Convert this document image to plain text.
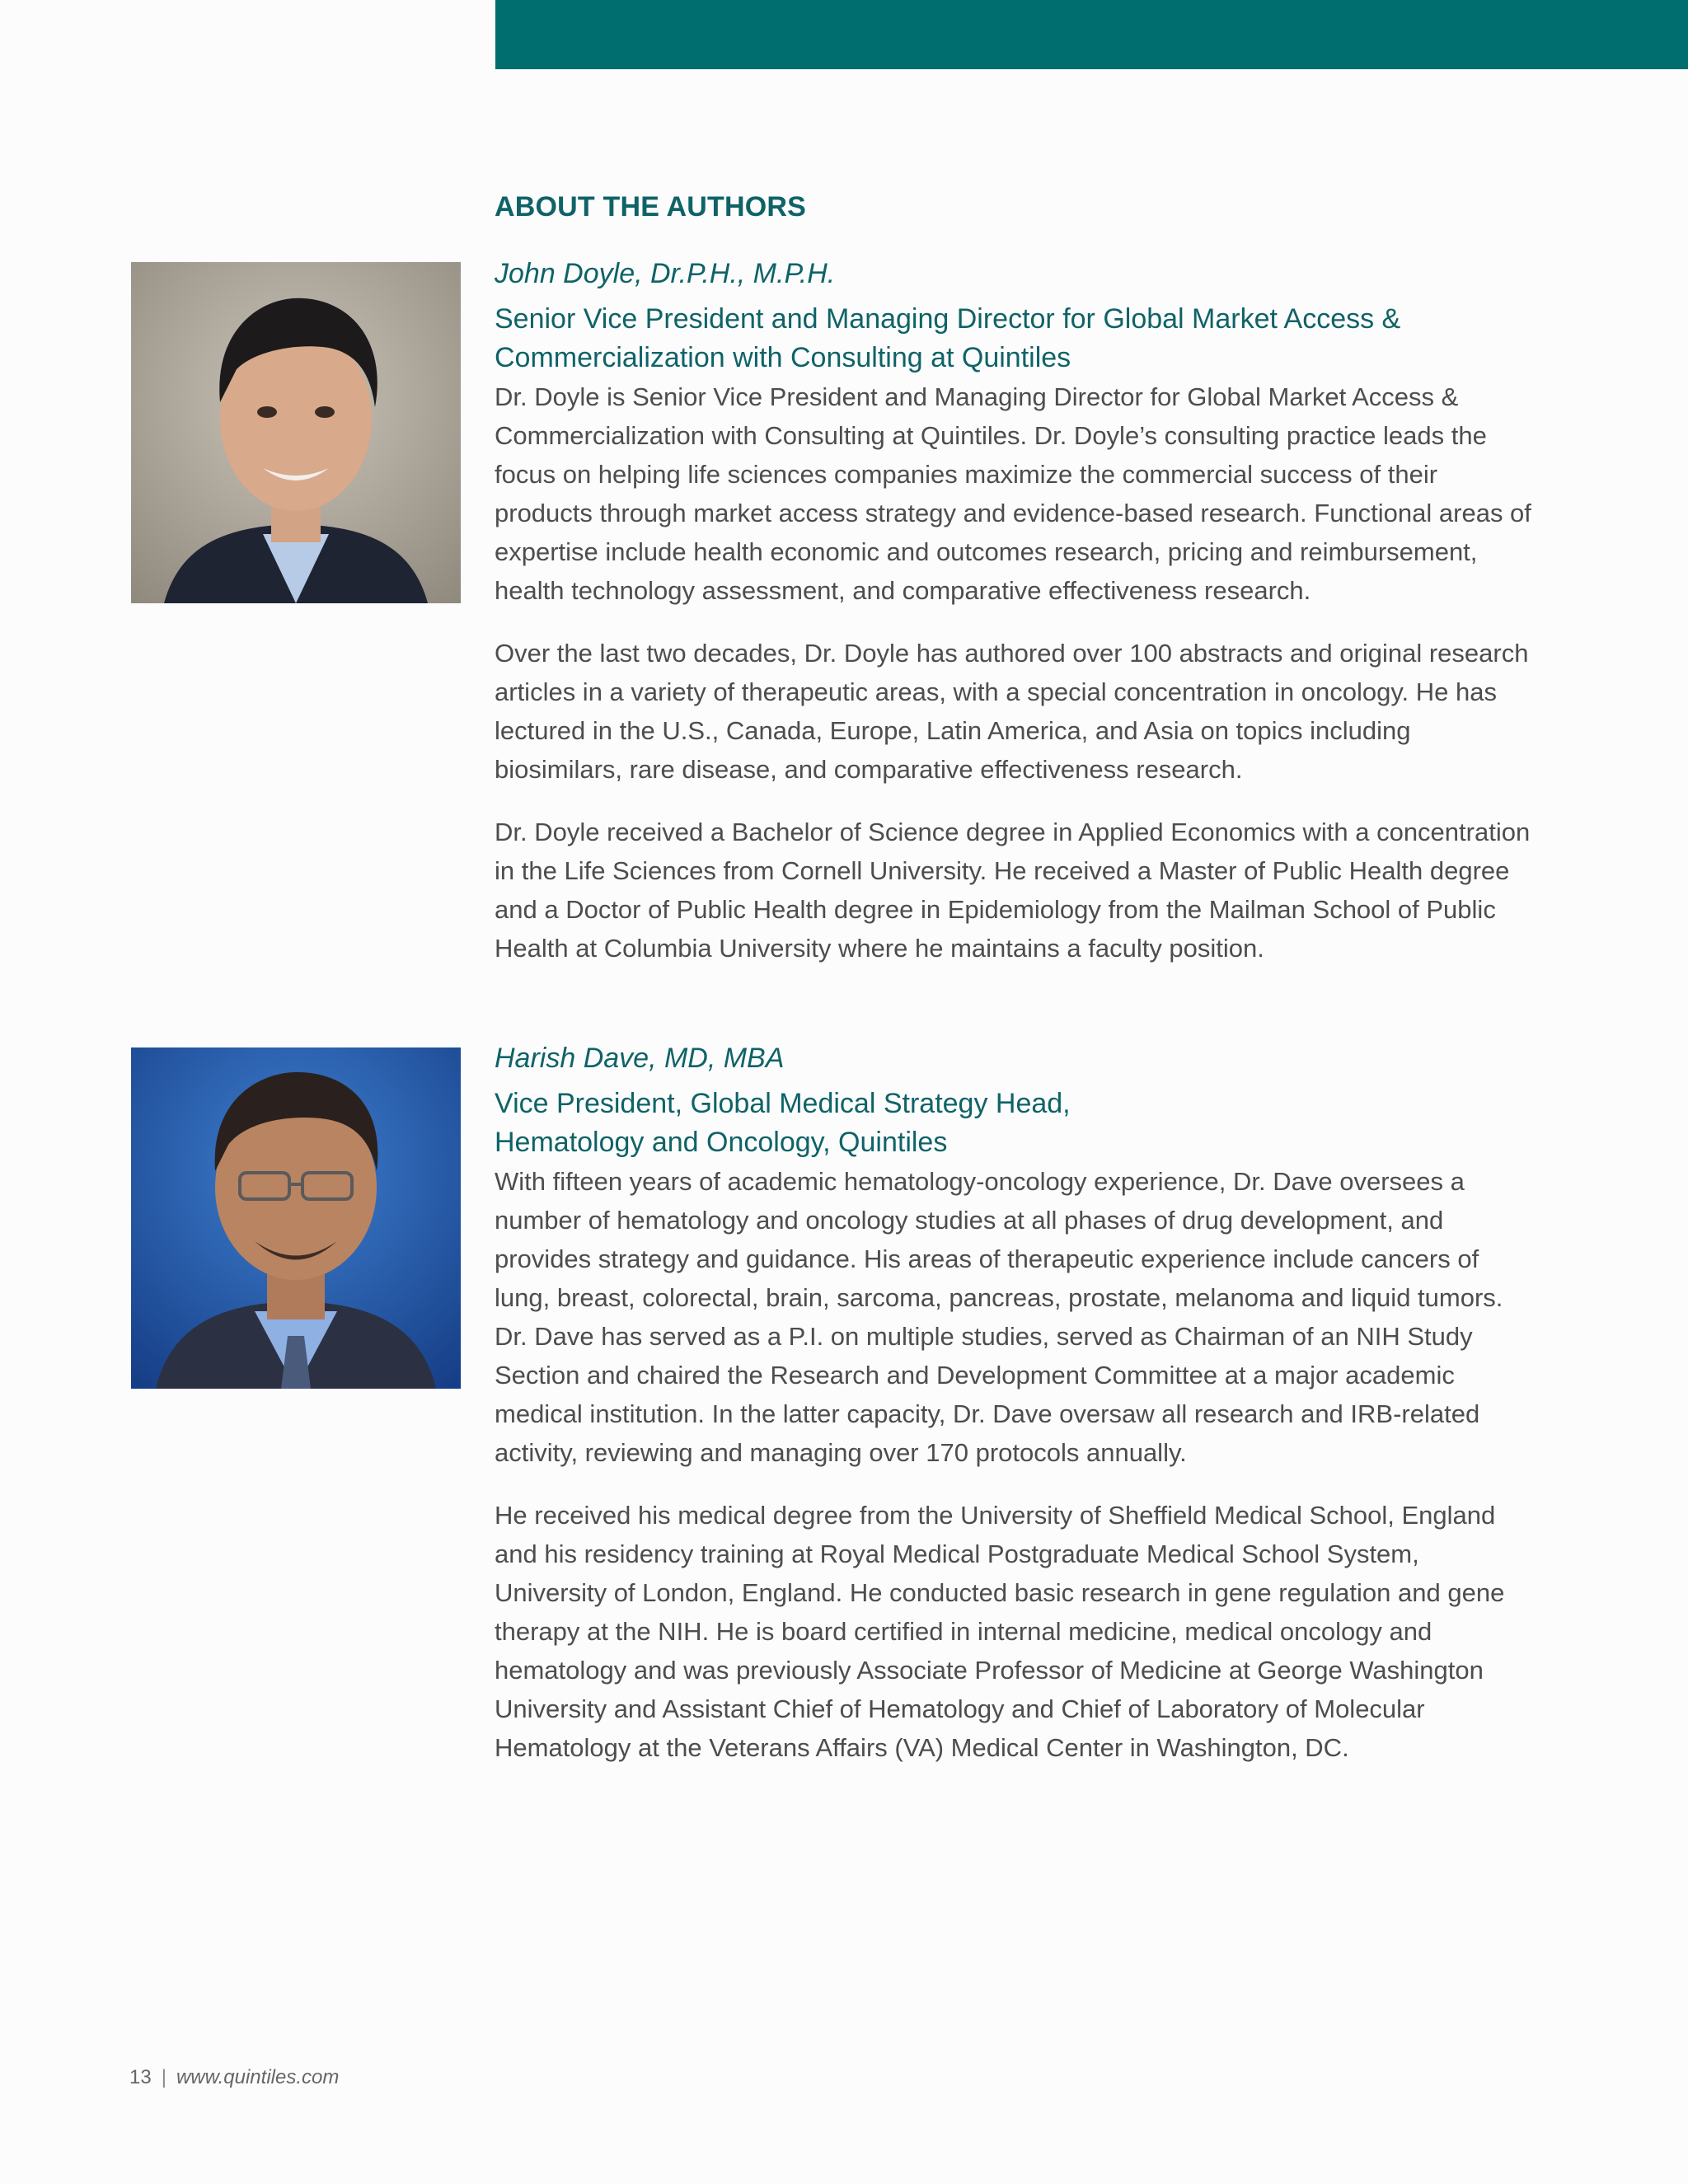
ABOUT THE AUTHORS

John Doyle, Dr.P.H., M.P.H.

Senior Vice President and Managing Director for Global Market Access & Commercialization with Consulting at Quintiles

Dr. Doyle is Senior Vice President and Managing Director for Global Market Access & Commercialization with Consulting at Quintiles. Dr. Doyle’s consulting practice leads the focus on helping life sciences companies maximize the commercial success of their products through market access strategy and evidence-based research. Functional areas of expertise include health economic and outcomes research, pricing and reimbursement, health technology assessment, and comparative effectiveness research.

Over the last two decades, Dr. Doyle has authored over 100 abstracts and original research articles in a variety of therapeutic areas, with a special concentration in oncology. He has lectured in the U.S., Canada, Europe, Latin America, and Asia on topics including biosimilars, rare disease, and comparative effectiveness research.

Dr. Doyle received a Bachelor of Science degree in Applied Economics with a concentration in the Life Sciences from Cornell University. He received a Master of Public Health degree and a Doctor of Public Health degree in Epidemiology from the Mailman School of Public Health at Columbia University where he maintains a faculty position.

Harish Dave, MD, MBA

Vice President, Global Medical Strategy Head, Hematology and Oncology, Quintiles

With fifteen years of academic hematology-oncology experience, Dr. Dave oversees a number of hematology and oncology studies at all phases of drug development, and provides strategy and guidance. His areas of therapeutic experience include cancers of lung, breast, colorectal, brain, sarcoma, pancreas, prostate, melanoma and liquid tumors. Dr. Dave has served as a P.I. on multiple studies, served as Chairman of an NIH Study Section and chaired the Research and Development Committee at a major academic medical institution. In the latter capacity, Dr. Dave oversaw all research and IRB-related activity, reviewing and managing over 170 protocols annually.

He received his medical degree from the University of Sheffield Medical School, England and his residency training at Royal Medical Postgraduate Medical School System, University of London, England. He conducted basic research in gene regulation and gene therapy at the NIH. He is board certified in internal medicine, medical oncology and hematology and was previously Associate Professor of Medicine at George Washington University and Assistant Chief of Hematology and Chief of Laboratory of Molecular Hematology at the Veterans Affairs (VA) Medical Center in Washington, DC.

13 | www.quintiles.com
